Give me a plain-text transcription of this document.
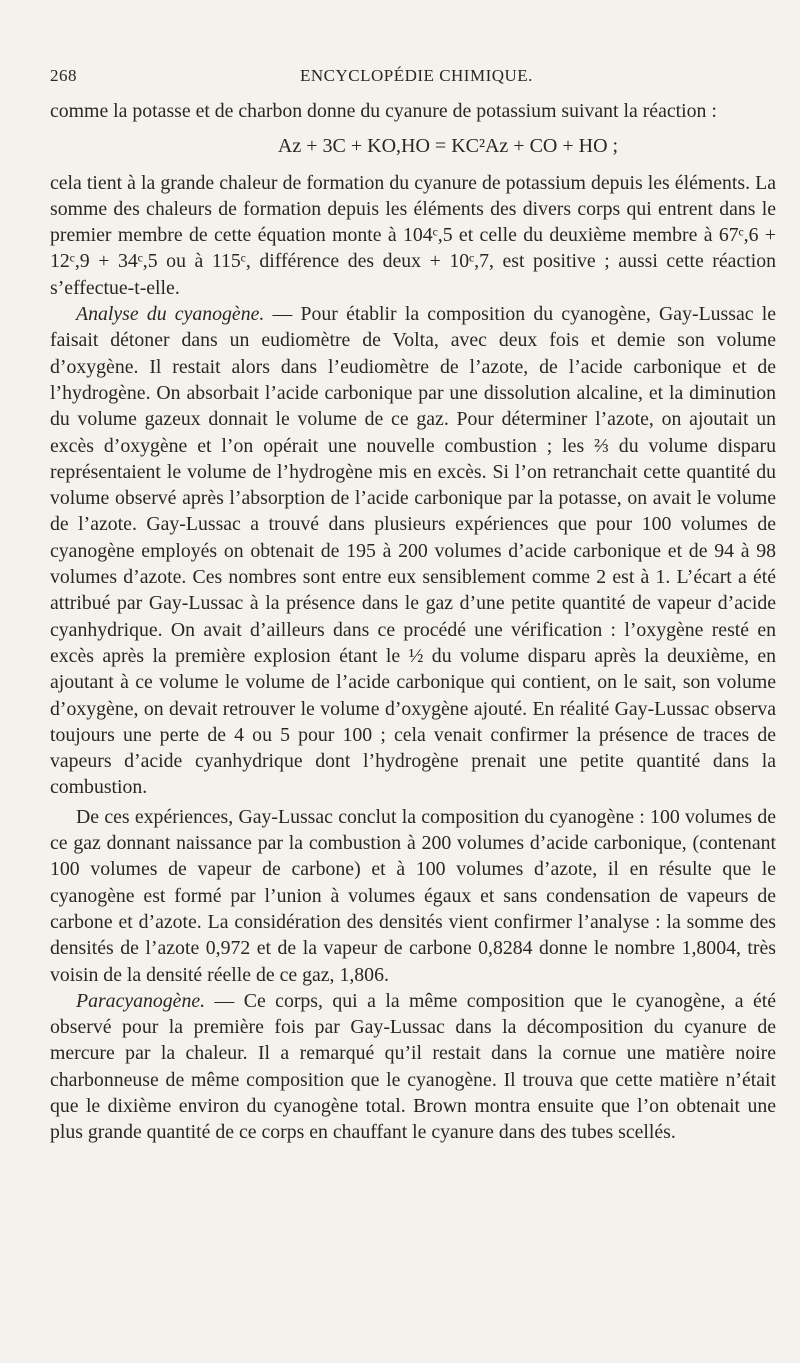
268	ENCYCLOPÉDIE CHIMIQUE.

comme la potasse et de charbon donne du cyanure de potassium suivant la réaction :

Az + 3C + KO,HO = KC²Az + CO + HO ;

cela tient à la grande chaleur de formation du cyanure de potassium depuis les éléments. La somme des chaleurs de formation depuis les éléments des divers corps qui entrent dans le premier membre de cette équation monte à 104ᶜ,5 et celle du deuxième membre à 67ᶜ,6 + 12ᶜ,9 + 34ᶜ,5 ou à 115ᶜ, différence des deux + 10ᶜ,7, est positive ; aussi cette réaction s’effectue-t-elle.

Analyse du cyanogène. — Pour établir la composition du cyanogène, Gay-Lussac le faisait détoner dans un eudiomètre de Volta, avec deux fois et demie son volume d’oxygène. Il restait alors dans l’eudiomètre de l’azote, de l’acide carbonique et de l’hydrogène. On absorbait l’acide carbonique par une dissolution alcaline, et la diminution du volume gazeux donnait le volume de ce gaz. Pour déterminer l’azote, on ajoutait un excès d’oxygène et l’on opérait une nouvelle combustion ; les ⅔ du volume disparu représentaient le volume de l’hydrogène mis en excès. Si l’on retranchait cette quantité du volume observé après l’absorption de l’acide carbonique par la potasse, on avait le volume de l’azote. Gay-Lussac a trouvé dans plusieurs expériences que pour 100 volumes de cyanogène employés on obtenait de 195 à 200 volumes d’acide carbonique et de 94 à 98 volumes d’azote. Ces nombres sont entre eux sensiblement comme 2 est à 1. L’écart a été attribué par Gay-Lussac à la présence dans le gaz d’une petite quantité de vapeur d’acide cyanhydrique. On avait d’ailleurs dans ce procédé une vérification : l’oxygène resté en excès après la première explosion étant le ½ du volume disparu après la deuxième, en ajoutant à ce volume le volume de l’acide carbonique qui contient, on le sait, son volume d’oxygène, on devait retrouver le volume d’oxygène ajouté. En réalité Gay-Lussac observa toujours une perte de 4 ou 5 pour 100 ; cela venait confirmer la présence de traces de vapeurs d’acide cyanhydrique dont l’hydrogène prenait une petite quantité dans la combustion.

De ces expériences, Gay-Lussac conclut la composition du cyanogène : 100 volumes de ce gaz donnant naissance par la combustion à 200 volumes d’acide carbonique, (contenant 100 volumes de vapeur de carbone) et à 100 volumes d’azote, il en résulte que le cyanogène est formé par l’union à volumes égaux et sans condensation de vapeurs de carbone et d’azote. La considération des densités vient confirmer l’analyse : la somme des densités de l’azote 0,972 et de la vapeur de carbone 0,8284 donne le nombre 1,8004, très voisin de la densité réelle de ce gaz, 1,806.

Paracyanogène. — Ce corps, qui a la même composition que le cyanogène, a été observé pour la première fois par Gay-Lussac dans la décomposition du cyanure de mercure par la chaleur. Il a remarqué qu’il restait dans la cornue une matière noire charbonneuse de même composition que le cyanogène. Il trouva que cette matière n’était que le dixième environ du cyanogène total. Brown montra ensuite que l’on obtenait une plus grande quantité de ce corps en chauffant le cyanure dans des tubes scellés.
